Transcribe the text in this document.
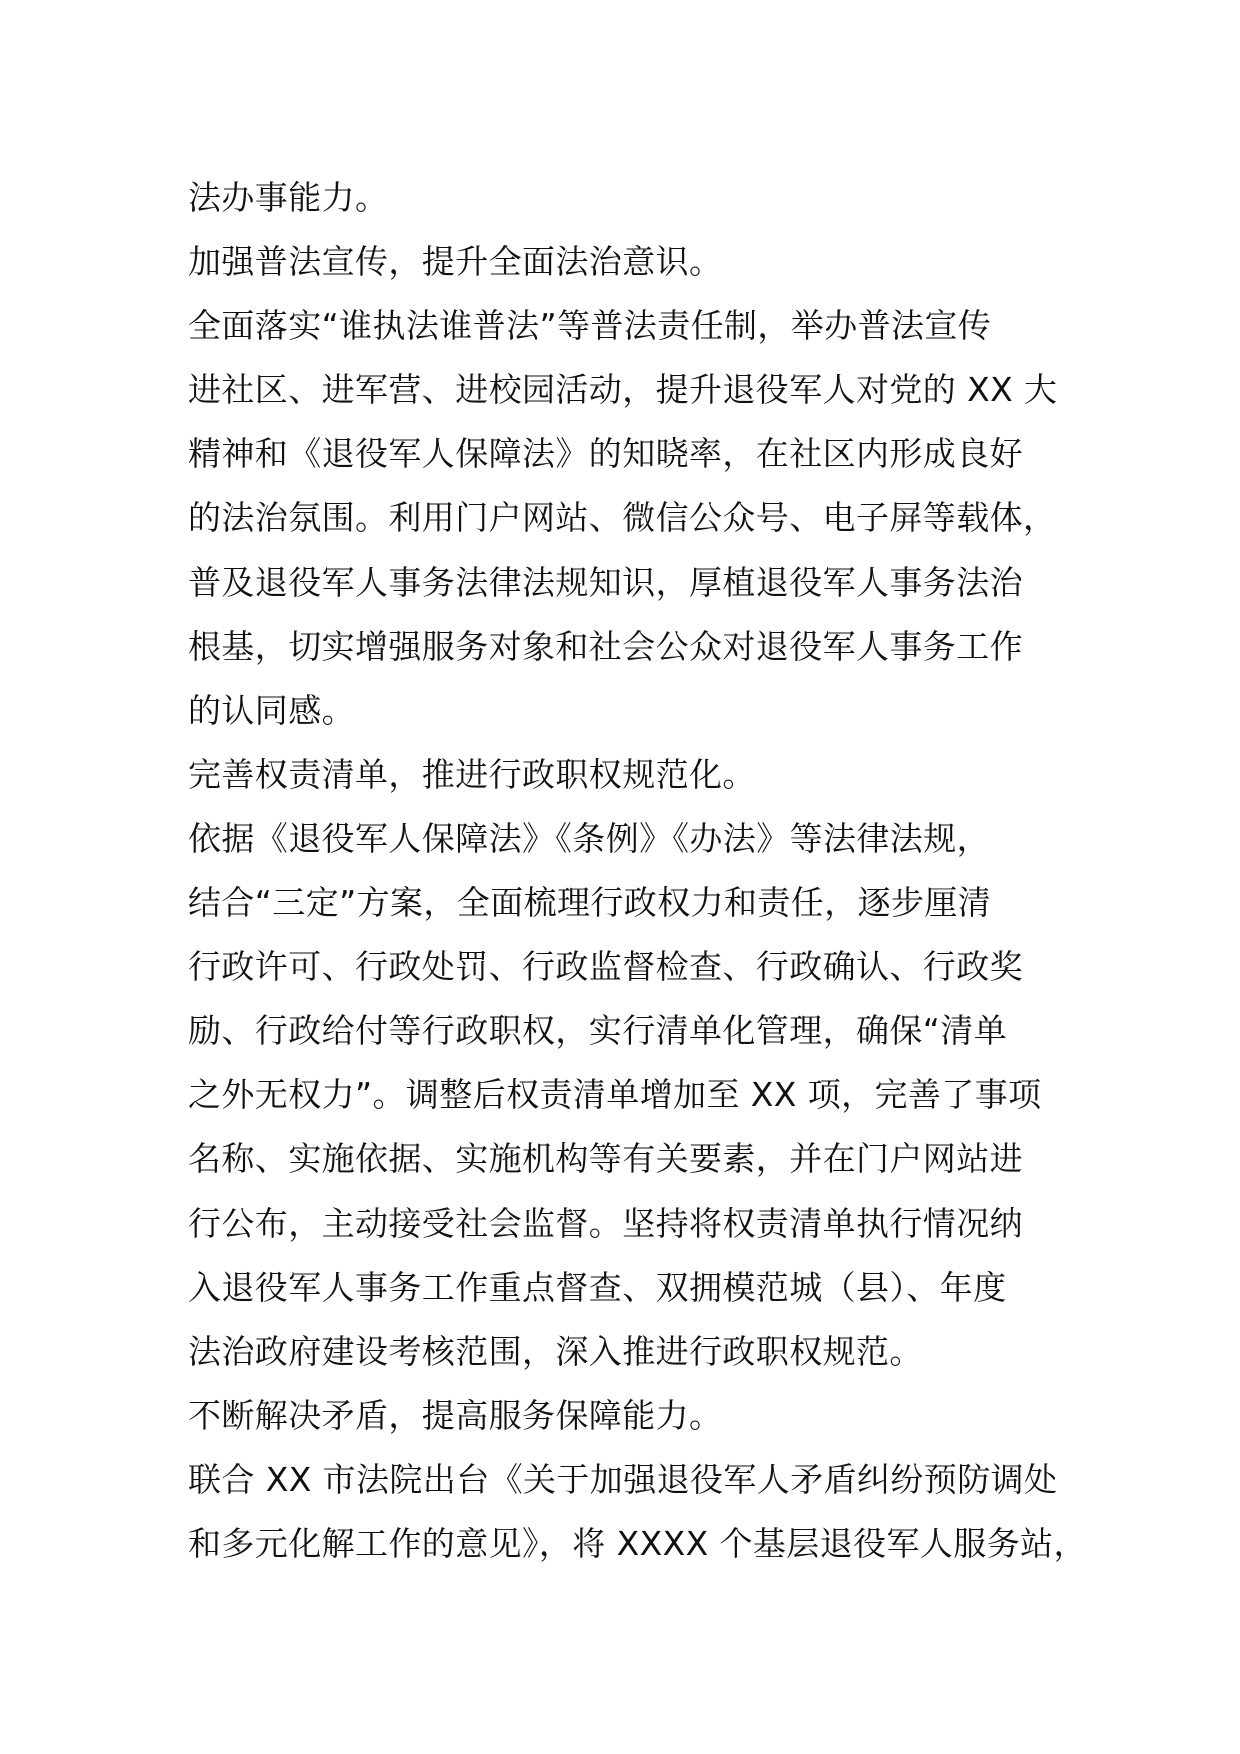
法办事能力。
加强普法宣传，提升全面法治意识。
全面落实“谁执法谁普法”等普法责任制，举办普法宣传
进社区、进军营、进校园活动，提升退役军人对党的 XX 大
精神和《退役军人保障法》的知晓率，在社区内形成良好
的法治氛围。利用门户网站、微信公众号、电子屏等载体，
普及退役军人事务法律法规知识，厚植退役军人事务法治
根基，切实增强服务对象和社会公众对退役军人事务工作
的认同感。
完善权责清单，推进行政职权规范化。
依据《退役军人保障法》《条例》《办法》等法律法规，
结合“三定”方案，全面梳理行政权力和责任，逐步厘清
行政许可、行政处罚、行政监督检查、行政确认、行政奖
励、行政给付等行政职权，实行清单化管理，确保“清单
之外无权力”。调整后权责清单增加至 XX 项，完善了事项
名称、实施依据、实施机构等有关要素，并在门户网站进
行公布，主动接受社会监督。坚持将权责清单执行情况纳
入退役军人事务工作重点督查、双拥模范城（县）、年度
法治政府建设考核范围，深入推进行政职权规范。
不断解决矛盾，提高服务保障能力。
联合 XX 市法院出台《关于加强退役军人矛盾纠纷预防调处
和多元化解工作的意见》，将 XXXX 个基层退役军人服务站，
